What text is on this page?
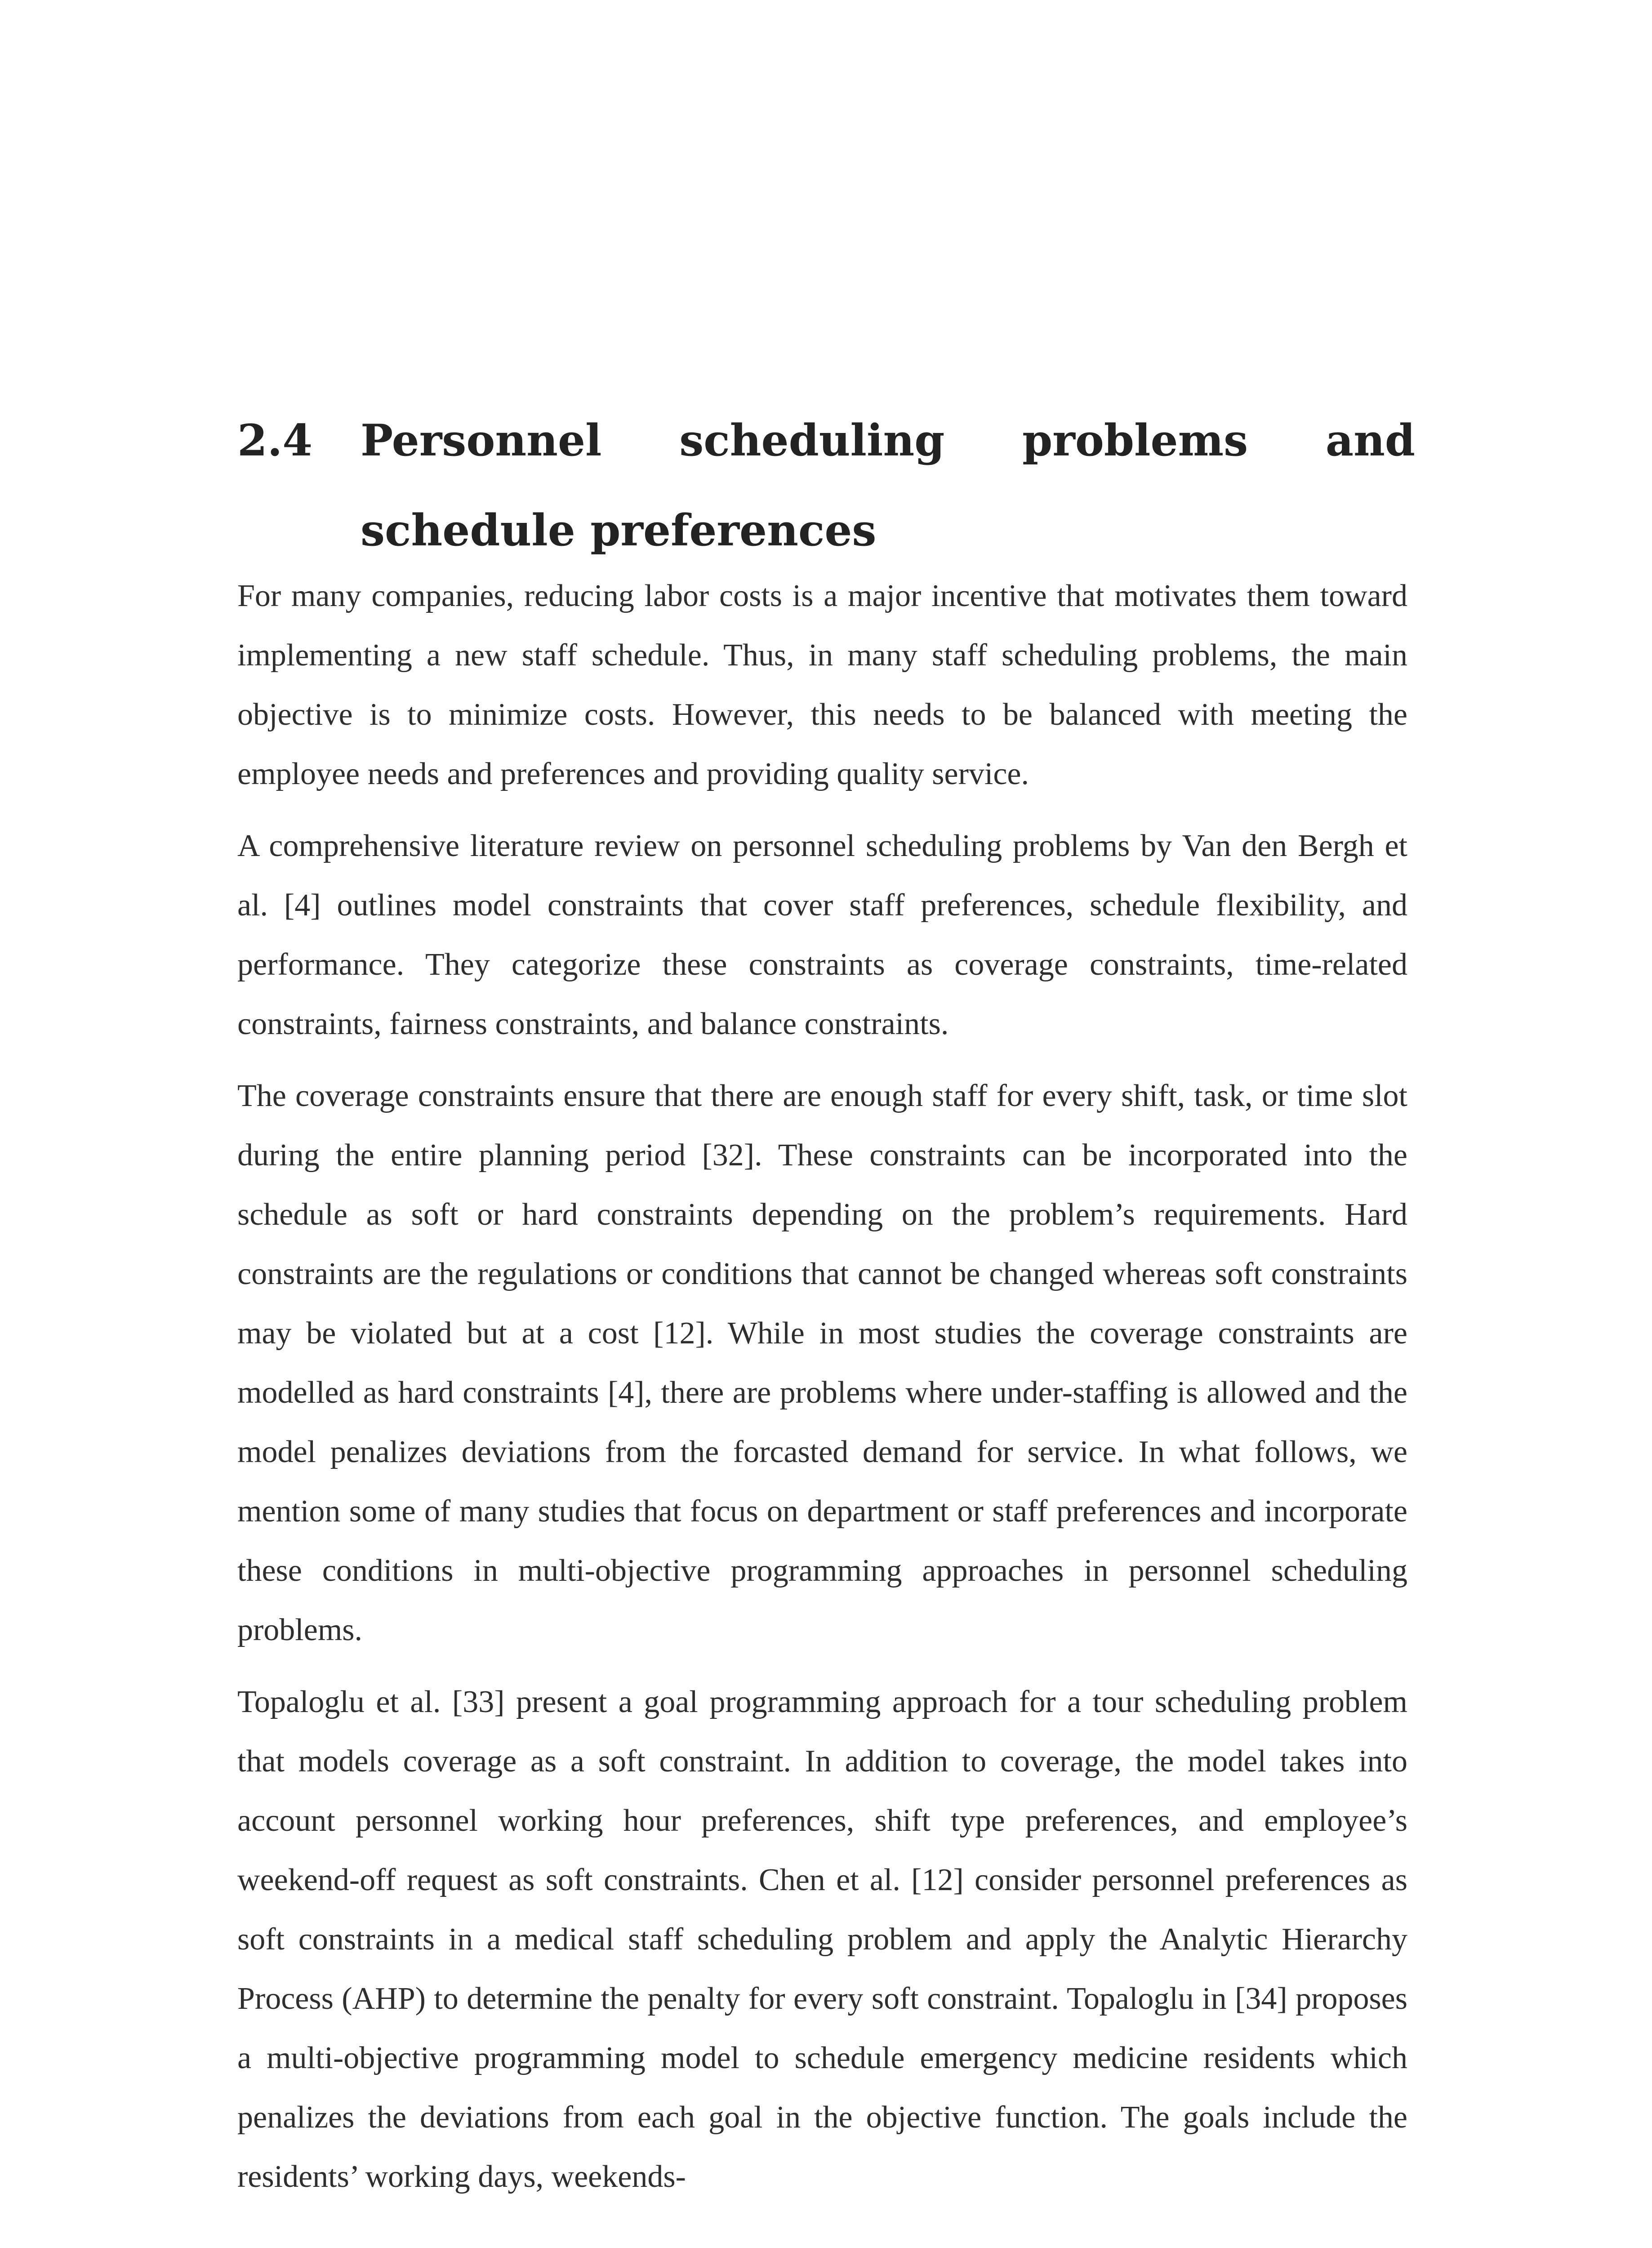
2.4 Personnel scheduling problems and schedule preferences

For many companies, reducing labor costs is a major incentive that motivates them toward implementing a new staff schedule. Thus, in many staff scheduling problems, the main objective is to minimize costs. However, this needs to be balanced with meeting the employee needs and preferences and providing quality service.

A comprehensive literature review on personnel scheduling problems by Van den Bergh et al. [4] outlines model constraints that cover staff preferences, schedule flexibility, and performance. They categorize these constraints as coverage constraints, time-related constraints, fairness constraints, and balance constraints.

The coverage constraints ensure that there are enough staff for every shift, task, or time slot during the entire planning period [32]. These constraints can be incorporated into the schedule as soft or hard constraints depending on the problem’s requirements. Hard constraints are the regulations or conditions that cannot be changed whereas soft constraints may be violated but at a cost [12]. While in most studies the coverage constraints are modelled as hard constraints [4], there are problems where under-staffing is allowed and the model penalizes deviations from the forcasted demand for service. In what follows, we mention some of many studies that focus on department or staff preferences and incorporate these conditions in multi-objective programming approaches in personnel scheduling problems.

Topaloglu et al. [33] present a goal programming approach for a tour scheduling problem that models coverage as a soft constraint. In addition to coverage, the model takes into account personnel working hour preferences, shift type preferences, and employee’s weekend-off request as soft constraints. Chen et al. [12] consider personnel preferences as soft constraints in a medical staff scheduling problem and apply the Analytic Hierarchy Process (AHP) to determine the penalty for every soft constraint. Topaloglu in [34] proposes a multi-objective programming model to schedule emergency medicine residents which penalizes the deviations from each goal in the objective function. The goals include the residents’ working days, weekends-
